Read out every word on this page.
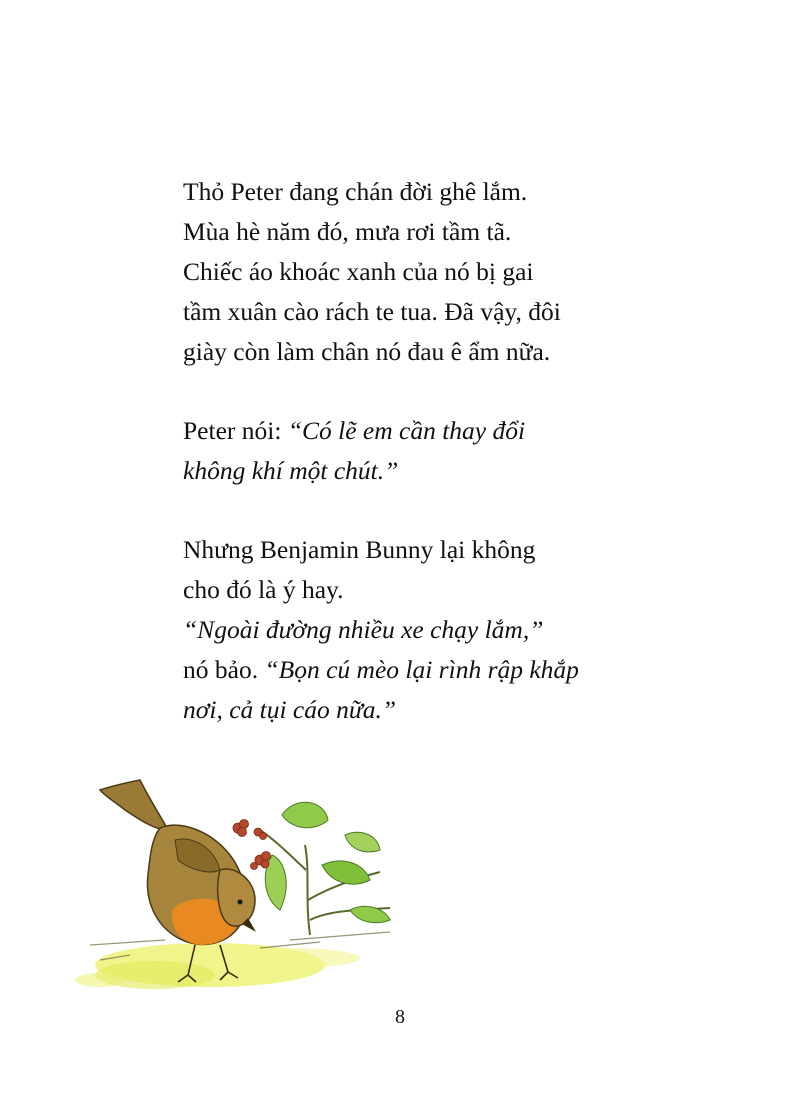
Thỏ Peter đang chán đời ghê lắm.
Mùa hè năm đó, mưa rơi tầm tã.
Chiếc áo khoác xanh của nó bị gai
tầm xuân cào rách te tua. Đã vậy, đôi
giày còn làm chân nó đau ê ẩm nữa.
Peter nói: “Có lẽ em cần thay đổi
không khí một chút.”
Nhưng Benjamin Bunny lại không
cho đó là ý hay.
“Ngoài đường nhiều xe chạy lắm,”
nó bảo. “Bọn cú mèo lại rình rập khắp
nơi, cả tụi cáo nữa.”
8
